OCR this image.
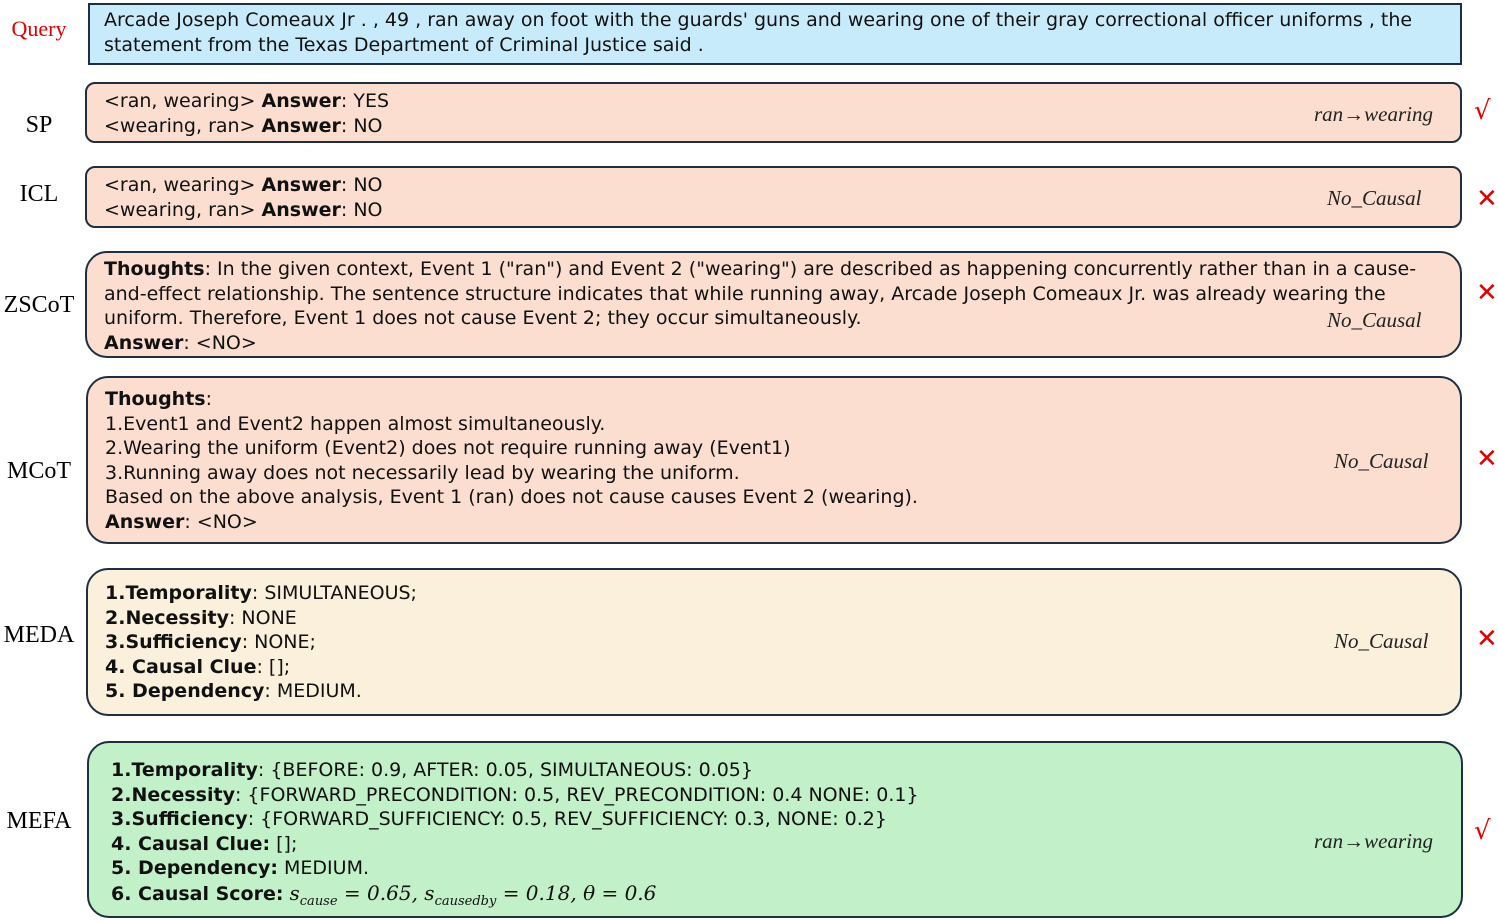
Query	Arcade Joseph Comeaux Jr . , 49 , ran away on foot with the guards' guns and wearing one of their gray correctional officer uniforms , the statement from the Texas Department of Criminal Justice said .
SP
<ran, wearing> Answer: YES
<wearing, ran> Answer: NO	ran→wearing √
ICL	<ran, wearing> Answer: NO
<wearing, ran> Answer: NO	No_Causal ✕
ZSCoT
Thoughts: In the given context, Event 1 ("ran") and Event 2 ("wearing") are described as happening concurrently rather than in a cause-
and-effect relationship. The sentence structure indicates that while running away, Arcade Joseph Comeaux Jr. was already wearing the
uniform. Therefore, Event 1 does not cause Event 2; they occur simultaneously.
Answer: <NO>
No_Causal
✕
MCoT
Thoughts:
1.Event1 and Event2 happen almost simultaneously.
2.Wearing the uniform (Event2) does not require running away (Event1)
3.Running away does not necessarily lead by wearing the uniform.
Based on the above analysis, Event 1 (ran) does not cause causes Event 2 (wearing).
Answer: <NO>
No_Causal ✕
MEDA
1.Temporality: SIMULTANEOUS;
2.Necessity: NONE
3.Sufficiency: NONE;
4. Causal Clue: [];
5. Dependency: MEDIUM.
No_Causal ✕
MEFA
1.Temporality: {BEFORE: 0.9, AFTER: 0.05, SIMULTANEOUS: 0.05}
2.Necessity: {FORWARD_PRECONDITION: 0.5, REV_PRECONDITION: 0.4 NONE: 0.1}
3.Sufficiency: {FORWARD_SUFFICIENCY: 0.5, REV_SUFFICIENCY: 0.3, NONE: 0.2}
4. Causal Clue: [];
5. Dependency: MEDIUM.
6. Causal Score: $s_{cause} = 0.65$, $s_{causedby} = 0.18$, θ = 0.6
ran→wearing √
